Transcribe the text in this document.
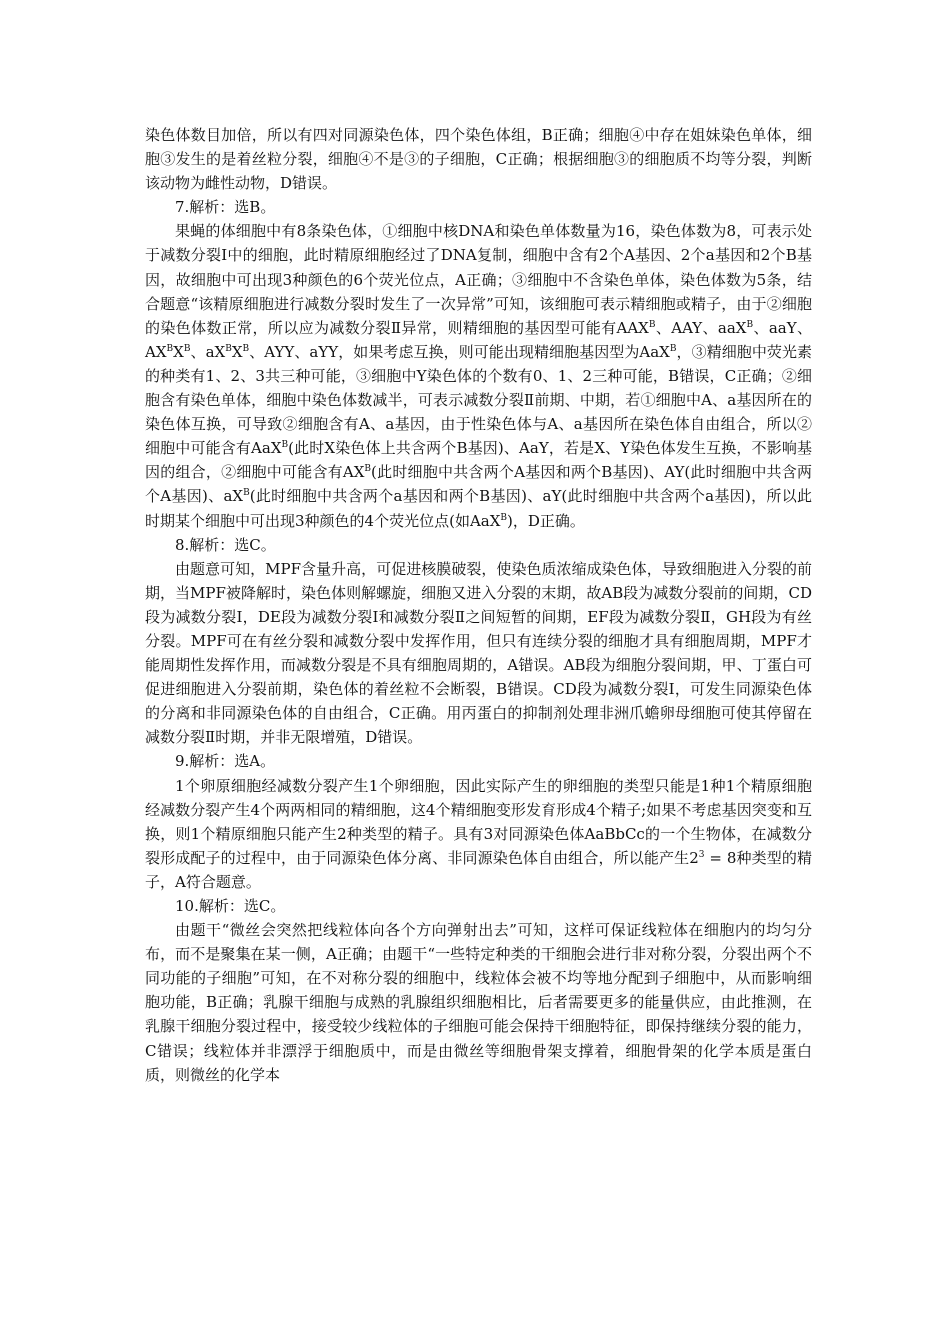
染色体数目加倍，所以有四对同源染色体，四个染色体组，B正确；细胞④中存在姐妹染色单体，细胞③发生的是着丝粒分裂，细胞④不是③的子细胞，C正确；根据细胞③的细胞质不均等分裂，判断该动物为雌性动物，D错误。

7.解析：选B。

果蝇的体细胞中有8条染色体，①细胞中核DNA和染色单体数量为16，染色体数为8，可表示处于减数分裂Ⅰ中的细胞，此时精原细胞经过了DNA复制，细胞中含有2个A基因、2个a基因和2个B基因，故细胞中可出现3种颜色的6个荧光位点，A正确；③细胞中不含染色单体，染色体数为5条，结合题意“该精原细胞进行减数分裂时发生了一次异常”可知，该细胞可表示精细胞或精子，由于②细胞的染色体数正常，所以应为减数分裂Ⅱ异常，则精细胞的基因型可能有$AAX^B$、AAY、aaX$^B$、aaY、$AX^BX^B$、$aX^BX^B$、AYY、aYY，如果考虑互换，则可能出现精细胞基因型为AaX$^B$，③精细胞中荧光素的种类有1、2、3共三种可能，③细胞中Y染色体的个数有0、1、2三种可能，B错误，C正确；②细胞含有染色单体，细胞中染色体数减半，可表示减数分裂Ⅱ前期、中期，若①细胞中A、a基因所在的染色体互换，可导致②细胞含有A、a基因，由于性染色体与A、a基因所在染色体自由组合，所以②细胞中可能含有AaX$^B$(此时X染色体上共含两个B基因)、AaY，若是X、Y染色体发生互换，不影响基因的组合，②细胞中可能含有$AX^B$(此时细胞中共含两个A基因和两个B基因)、AY(此时细胞中共含两个A基因)、$aX^B$(此时细胞中共含两个a基因和两个B基因)、aY(此时细胞中共含两个a基因)，所以此时期某个细胞中可出现3种颜色的4个荧光位点(如AaX$^B$)，D正确。

8.解析：选C。

由题意可知，MPF含量升高，可促进核膜破裂，使染色质浓缩成染色体，导致细胞进入分裂的前期，当MPF被降解时，染色体则解螺旋，细胞又进入分裂的末期，故AB段为减数分裂前的间期，CD段为减数分裂Ⅰ，DE段为减数分裂Ⅰ和减数分裂Ⅱ之间短暂的间期，EF段为减数分裂Ⅱ，GH段为有丝分裂。MPF可在有丝分裂和减数分裂中发挥作用，但只有连续分裂的细胞才具有细胞周期，MPF才能周期性发挥作用，而减数分裂是不具有细胞周期的，A错误。AB段为细胞分裂间期，甲、丁蛋白可促进细胞进入分裂前期，染色体的着丝粒不会断裂，B错误。CD段为减数分裂Ⅰ，可发生同源染色体的分离和非同源染色体的自由组合，C正确。用丙蛋白的抑制剂处理非洲爪蟾卵母细胞可使其停留在减数分裂Ⅱ时期，并非无限增殖，D错误。

9.解析：选A。

1个卵原细胞经减数分裂产生1个卵细胞，因此实际产生的卵细胞的类型只能是1种1个精原细胞经减数分裂产生4个两两相同的精细胞，这4个精细胞变形发育形成4个精子;如果不考虑基因突变和互换，则1个精原细胞只能产生2种类型的精子。具有3对同源染色体AaBbCc的一个生物体，在减数分裂形成配子的过程中，由于同源染色体分离、非同源染色体自由组合，所以能产生$2^3 = 8$种类型的精子，A符合题意。

10.解析：选C。

由题干“微丝会突然把线粒体向各个方向弹射出去”可知，这样可保证线粒体在细胞内的均匀分布，而不是聚集在某一侧，A正确；由题干“一些特定种类的干细胞会进行非对称分裂，分裂出两个不同功能的子细胞”可知，在不对称分裂的细胞中，线粒体会被不均等地分配到子细胞中，从而影响细胞功能，B正确；乳腺干细胞与成熟的乳腺组织细胞相比，后者需要更多的能量供应，由此推测，在乳腺干细胞分裂过程中，接受较少线粒体的子细胞可能会保持干细胞特征，即保持继续分裂的能力，C错误；线粒体并非漂浮于细胞质中，而是由微丝等细胞骨架支撑着，细胞骨架的化学本质是蛋白质，则微丝的化学本
